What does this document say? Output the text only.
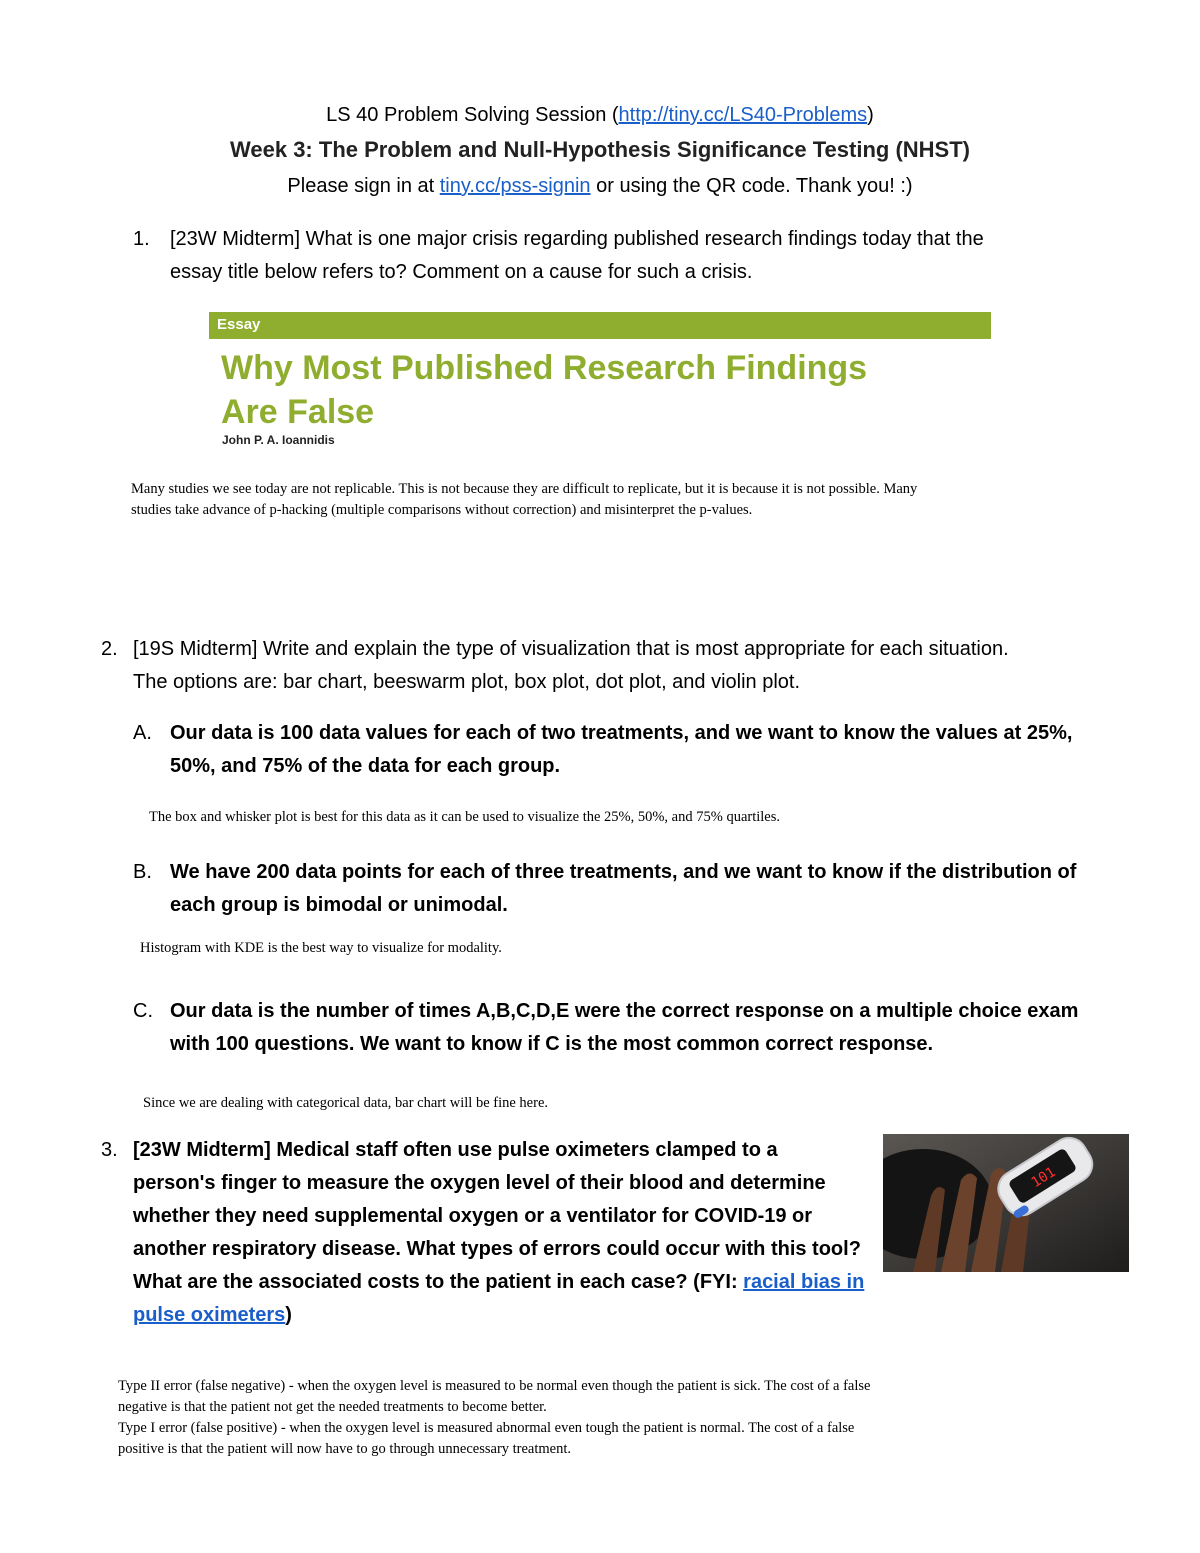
LS 40 Problem Solving Session (http://tiny.cc/LS40-Problems)
Week 3: The Problem and Null-Hypothesis Significance Testing (NHST)
Please sign in at tiny.cc/pss-signin or using the QR code. Thank you! :)
1. [23W Midterm] What is one major crisis regarding published research findings today that the
essay title below refers to? Comment on a cause for such a crisis.
Essay
Why Most Published Research Findings
Are False
John P. A. Ioannidis
Many studies we see today are not replicable. This is not because they are difficult to replicate, but it is because it is not possible. Many
studies take advance of p-hacking (multiple comparisons without correction) and misinterpret the p-values.
2. [19S Midterm] Write and explain the type of visualization that is most appropriate for each situation.
The options are: bar chart, beeswarm plot, box plot, dot plot, and violin plot.
A. Our data is 100 data values for each of two treatments, and we want to know the values at 25%,
50%, and 75% of the data for each group.
The box and whisker plot is best for this data as it can be used to visualize the 25%, 50%, and 75% quartiles.
B. We have 200 data points for each of three treatments, and we want to know if the distribution of
each group is bimodal or unimodal.
Histogram with KDE is the best way to visualize for modality.
C. Our data is the number of times A,B,C,D,E were the correct response on a multiple choice exam
with 100 questions. We want to know if C is the most common correct response.
Since we are dealing with categorical data, bar chart will be fine here.
3. [23W Midterm] Medical staff often use pulse oximeters clamped to a
person's finger to measure the oxygen level of their blood and determine
whether they need supplemental oxygen or a ventilator for COVID-19 or
another respiratory disease. What types of errors could occur with this tool?
What are the associated costs to the patient in each case? (FYI: racial bias in
pulse oximeters)
101
Type II error (false negative) - when the oxygen level is measured to be normal even though the patient is sick. The cost of a false
negative is that the patient not get the needed treatments to become better.
Type I error (false positive) - when the oxygen level is measured abnormal even tough the patient is normal. The cost of a false
positive is that the patient will now have to go through unnecessary treatment.
